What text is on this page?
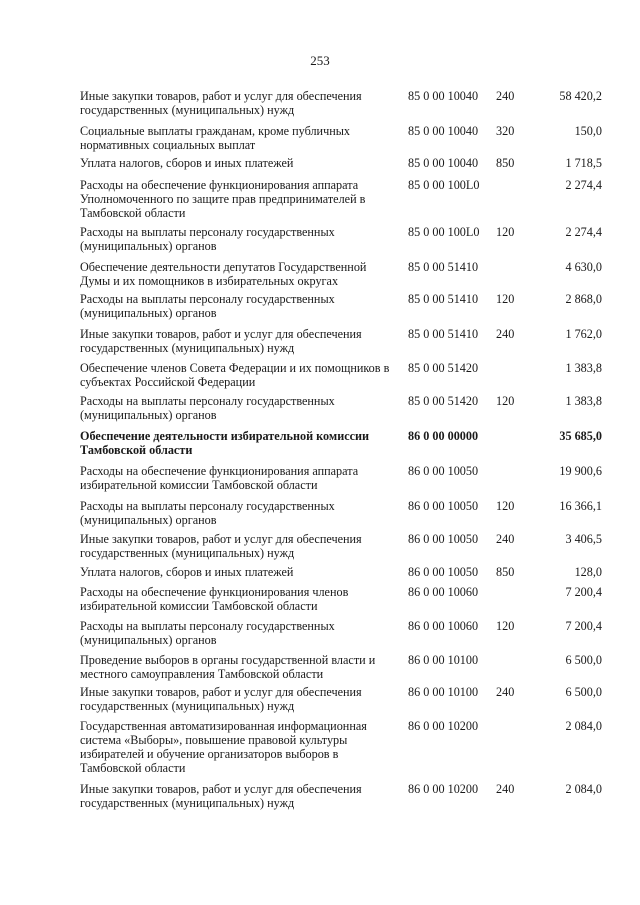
253
Иные закупки товаров, работ и услуг для обеспечения государственных (муниципальных) нужд
85 0 00 10040 240	58 420,2
Социальные выплаты гражданам, кроме публичных нормативных социальных выплат
85 0 00 10040 320	150,0
Уплата налогов, сборов и иных платежей	85 0 00 10040 850	1 718,5
Расходы на обеспечение функционирования аппарата Уполномоченного по защите прав предпринимателей в Тамбовской области
85 0 00 100L0	2 274,4
Расходы на выплаты персоналу государственных (муниципальных) органов
85 0 00 100L0 120	2 274,4
Обеспечение деятельности депутатов Государственной Думы и их помощников в избирательных округах
85 0 00 51410	4 630,0
Расходы на выплаты персоналу государственных (муниципальных) органов
85 0 00 51410 120	2 868,0
Иные закупки товаров, работ и услуг для обеспечения государственных (муниципальных) нужд
85 0 00 51410 240	1 762,0
Обеспечение членов Совета Федерации и их помощников в субъектах Российской Федерации
85 0 00 51420	1 383,8
Расходы на выплаты персоналу государственных (муниципальных) органов
85 0 00 51420 120	1 383,8
Обеспечение деятельности избирательной комиссии Тамбовской области
86 0 00 00000	35 685,0
Расходы на обеспечение функционирования аппарата избирательной комиссии Тамбовской области
86 0 00 10050	19 900,6
Расходы на выплаты персоналу государственных (муниципальных) органов
86 0 00 10050 120	16 366,1
Иные закупки товаров, работ и услуг для обеспечения государственных (муниципальных) нужд
86 0 00 10050 240	3 406,5
Уплата налогов, сборов и иных платежей	86 0 00 10050 850	128,0
Расходы на обеспечение функционирования членов избирательной комиссии Тамбовской области
86 0 00 10060	7 200,4
Расходы на выплаты персоналу государственных (муниципальных) органов
86 0 00 10060 120	7 200,4
Проведение выборов в органы государственной власти и местного самоуправления Тамбовской области
86 0 00 10100	6 500,0
Иные закупки товаров, работ и услуг для обеспечения государственных (муниципальных) нужд
86 0 00 10100 240	6 500,0
Государственная автоматизированная информационная система «Выборы», повышение правовой культуры избирателей и обучение организаторов выборов в Тамбовской области
86 0 00 10200	2 084,0
Иные закупки товаров, работ и услуг для обеспечения государственных (муниципальных) нужд
86 0 00 10200 240	2 084,0
